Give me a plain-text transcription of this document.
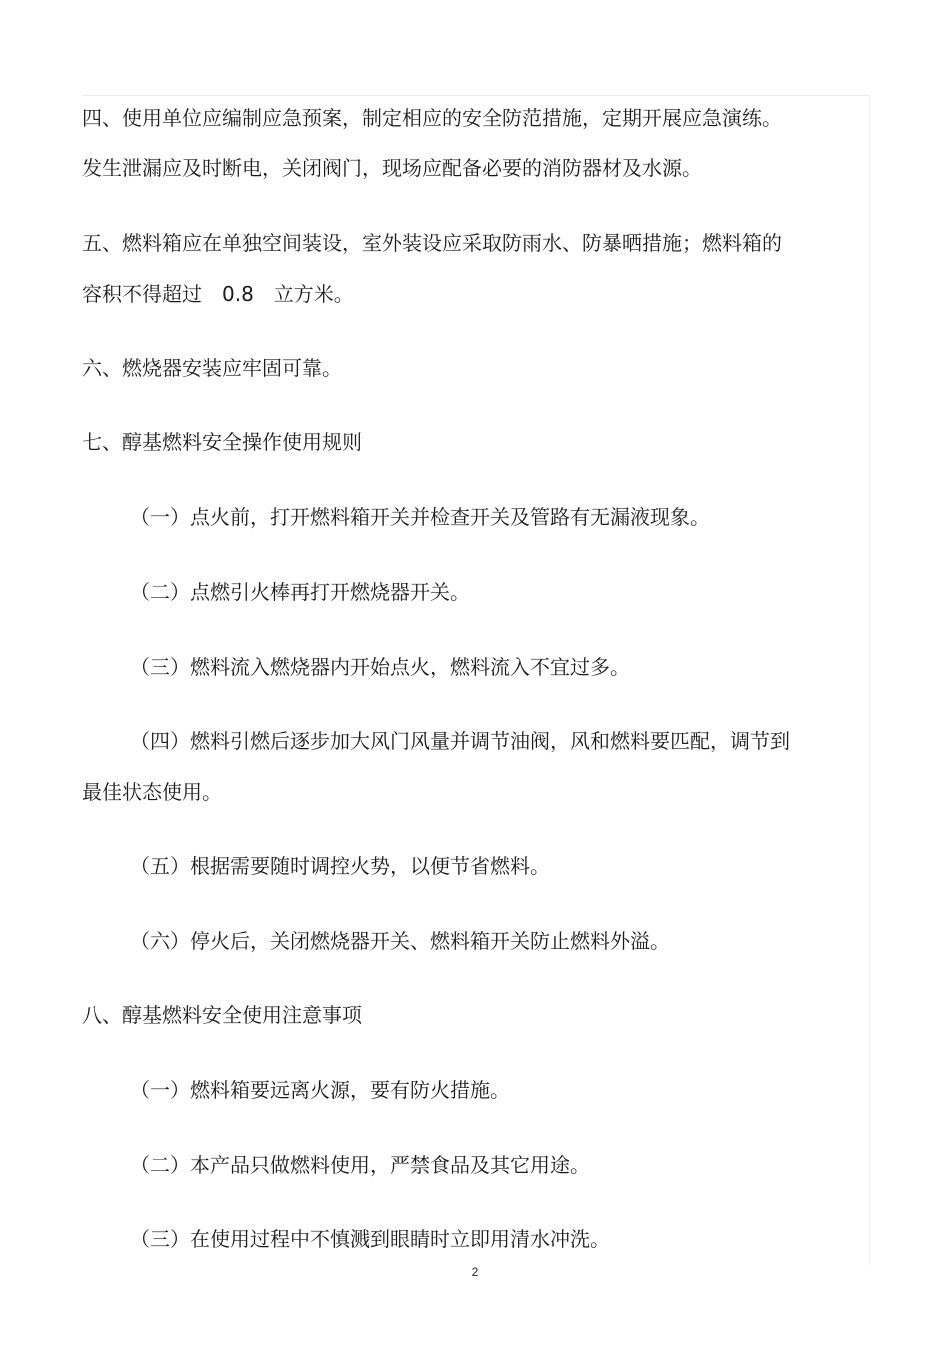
四、使用单位应编制应急预案，制定相应的安全防范措施，定期开展应急演练。
发生泄漏应及时断电，关闭阀门，现场应配备必要的消防器材及水源。
五、燃料箱应在单独空间装设，室外装设应采取防雨水、防暴晒措施；燃料箱的
容积不得超过　0.8　立方米。
六、燃烧器安装应牢固可靠。
七、醇基燃料安全操作使用规则
（一）点火前，打开燃料箱开关并检查开关及管路有无漏液现象。
（二）点燃引火棒再打开燃烧器开关。
（三）燃料流入燃烧器内开始点火，燃料流入不宜过多。
（四）燃料引燃后逐步加大风门风量并调节油阀，风和燃料要匹配，调节到
最佳状态使用。
（五）根据需要随时调控火势，以便节省燃料。
（六）停火后，关闭燃烧器开关、燃料箱开关防止燃料外溢。
八、醇基燃料安全使用注意事项
（一）燃料箱要远离火源，要有防火措施。
（二）本产品只做燃料使用，严禁食品及其它用途。
（三）在使用过程中不慎溅到眼睛时立即用清水冲洗。
2
